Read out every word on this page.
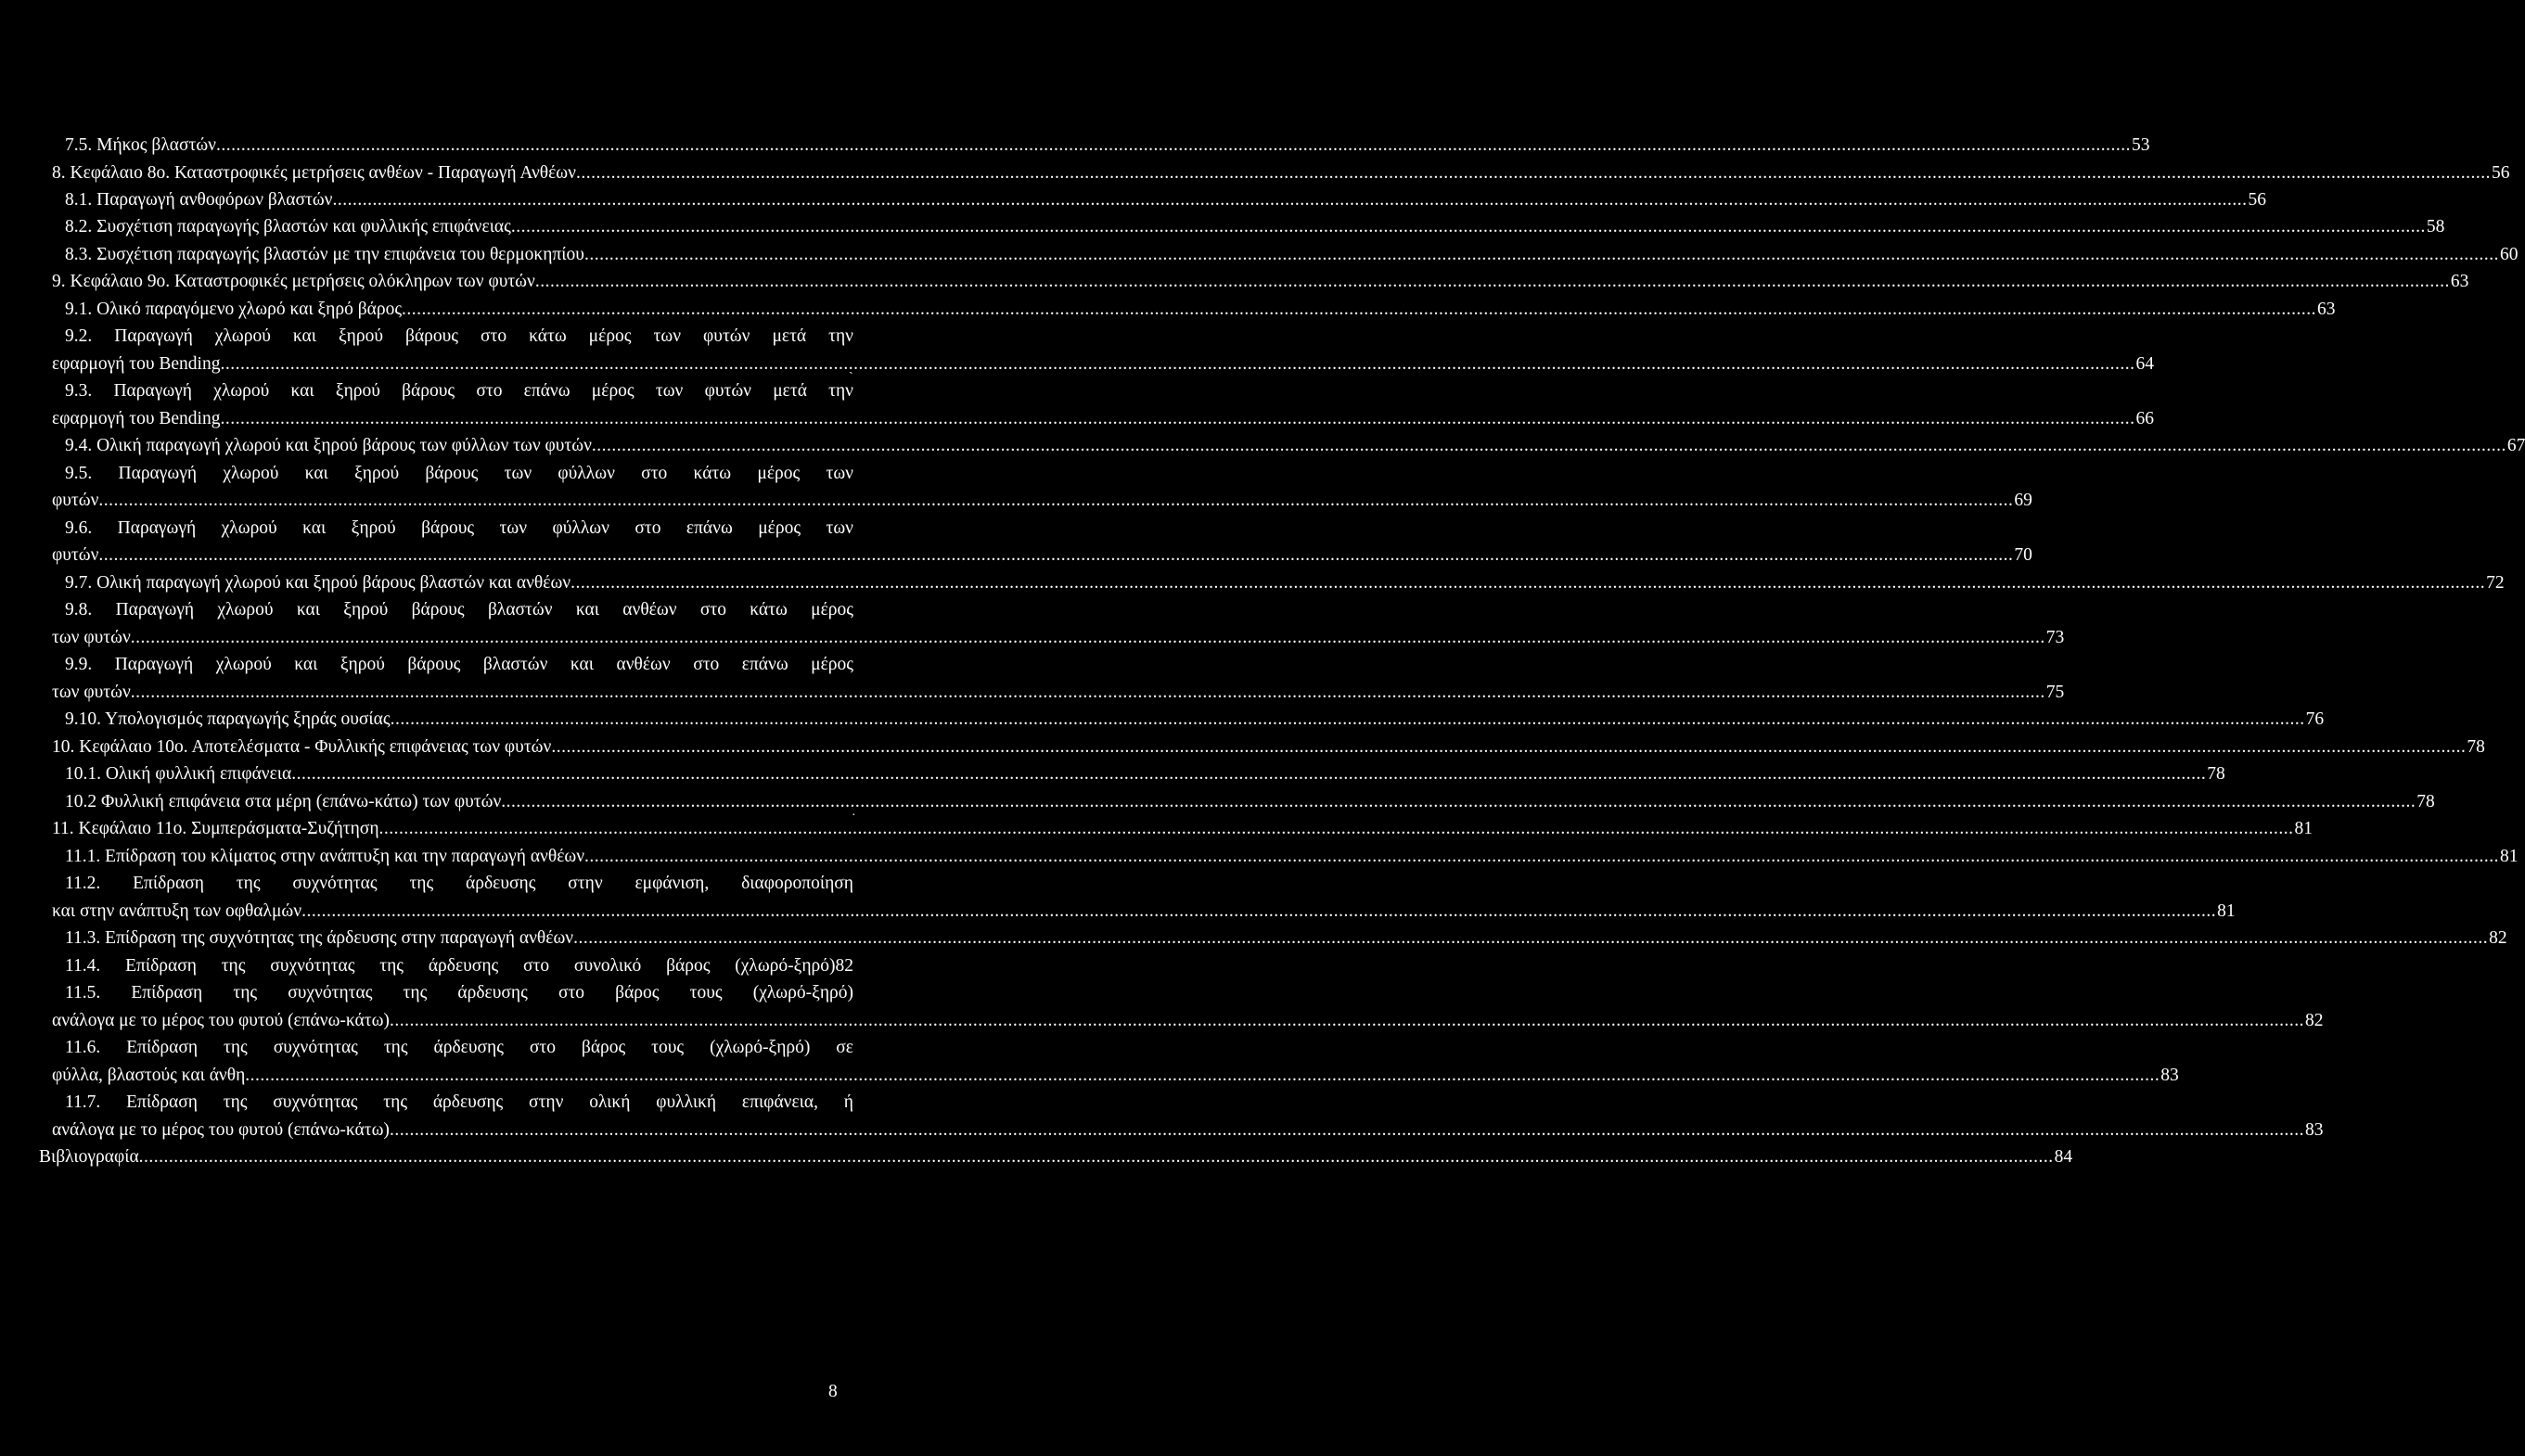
7.5. Μήκος βλαστών .....	53
8. Κεφάλαιο 8ο. Καταστροφικές μετρήσεις ανθέων - Παραγωγή Ανθέων .....	56
8.1. Παραγωγή ανθοφόρων βλαστών .....	56
8.2. Συσχέτιση παραγωγής βλαστών και φυλλικής επιφάνειας .....	58
8.3. Συσχέτιση παραγωγής βλαστών με την επιφάνεια του θερμοκηπίου .....	60
9. Κεφάλαιο 9ο. Καταστροφικές μετρήσεις ολόκληρων των φυτών .....	63
9.1. Ολικό παραγόμενο χλωρό και ξηρό βάρος .....	63
9.2. Παραγωγή χλωρού και ξηρού βάρους στο κάτω μέρος των φυτών μετά την
εφαρμογή του Bending .....	64
9.3. Παραγωγή χλωρού και ξηρού βάρους στο επάνω μέρος των φυτών μετά την
εφαρμογή του Bending .....	66
9.4. Ολική παραγωγή χλωρού και ξηρού βάρους των φύλλων των φυτών .....	67
9.5. Παραγωγή χλωρού και ξηρού βάρους των φύλλων στο κάτω μέρος των
φυτών .....	69
9.6. Παραγωγή χλωρού και ξηρού βάρους των φύλλων στο επάνω μέρος των
φυτών .....	70
9.7. Ολική παραγωγή χλωρού και ξηρού βάρους βλαστών και ανθέων .....	72
9.8. Παραγωγή χλωρού και ξηρού βάρους βλαστών και ανθέων στο κάτω μέρος
των φυτών .....	73
9.9. Παραγωγή χλωρού και ξηρού βάρους βλαστών και ανθέων στο επάνω μέρος
των φυτών .....	75
9.10. Υπολογισμός παραγωγής ξηράς ουσίας .....	76
10. Κεφάλαιο 10ο. Αποτελέσματα - Φυλλικής επιφάνειας των φυτών .....	78
10.1. Ολική φυλλική επιφάνεια .....	78
10.2 Φυλλική επιφάνεια στα μέρη (επάνω-κάτω) των φυτών .....	78
11. Κεφάλαιο 11ο. Συμπεράσματα-Συζήτηση .....	81
11.1. Επίδραση του κλίματος στην ανάπτυξη και την παραγωγή ανθέων .....	81
11.2. Επίδραση της συχνότητας της άρδευσης στην εμφάνιση, διαφοροποίηση
και στην ανάπτυξη των οφθαλμών .....	81
11.3. Επίδραση της συχνότητας της άρδευσης στην παραγωγή ανθέων .....	82
11.4. Επίδραση της συχνότητας της άρδευσης στο συνολικό βάρος (χλωρό-ξηρό)82
11.5. Επίδραση της συχνότητας της άρδευσης στο βάρος τους (χλωρό-ξηρό)
ανάλογα με το μέρος του φυτού (επάνω-κάτω) .....	82
11.6. Επίδραση της συχνότητας της άρδευσης στο βάρος τους (χλωρό-ξηρό) σε
φύλλα, βλαστούς και άνθη .....	83
11.7. Επίδραση της συχνότητας της άρδευσης στην ολική φυλλική επιφάνεια, ή
ανάλογα με το μέρος του φυτού (επάνω-κάτω) .....	83
Βιβλιογραφία .....	84
8
ˎ
·
